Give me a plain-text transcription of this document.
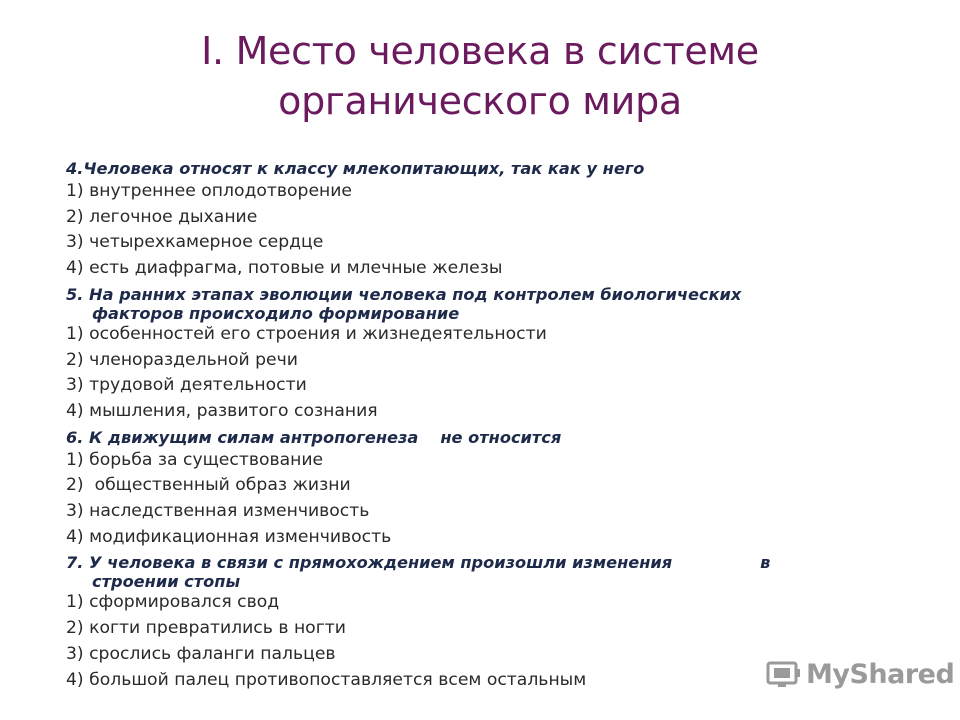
I. Место человека в системе
органического мира
4.Человека относят к классу млекопитающих, так как у него
1) внутреннее оплодотворение
2) легочное дыхание
3) четырехкамерное сердце
4) есть диафрагма, потовые и млечные железы
5. На ранних этапах эволюции человека под контролем биологических
факторов происходило формирование
1) особенностей его строения и жизнедеятельности
2) членораздельной речи
3) трудовой деятельности
4) мышления, развитого сознания
6. К движущим силам антропогенеза не относится
1) борьба за существование
2)  общественный образ жизни
3) наследственная изменчивость
4) модификационная изменчивость
7. У человека в связи с прямохождением произошли изменения	в
строении стопы
1) сформировался свод
2) когти превратились в ногти
3) срослись фаланги пальцев
4) большой палец противопоставляется всем остальным	MyShared
